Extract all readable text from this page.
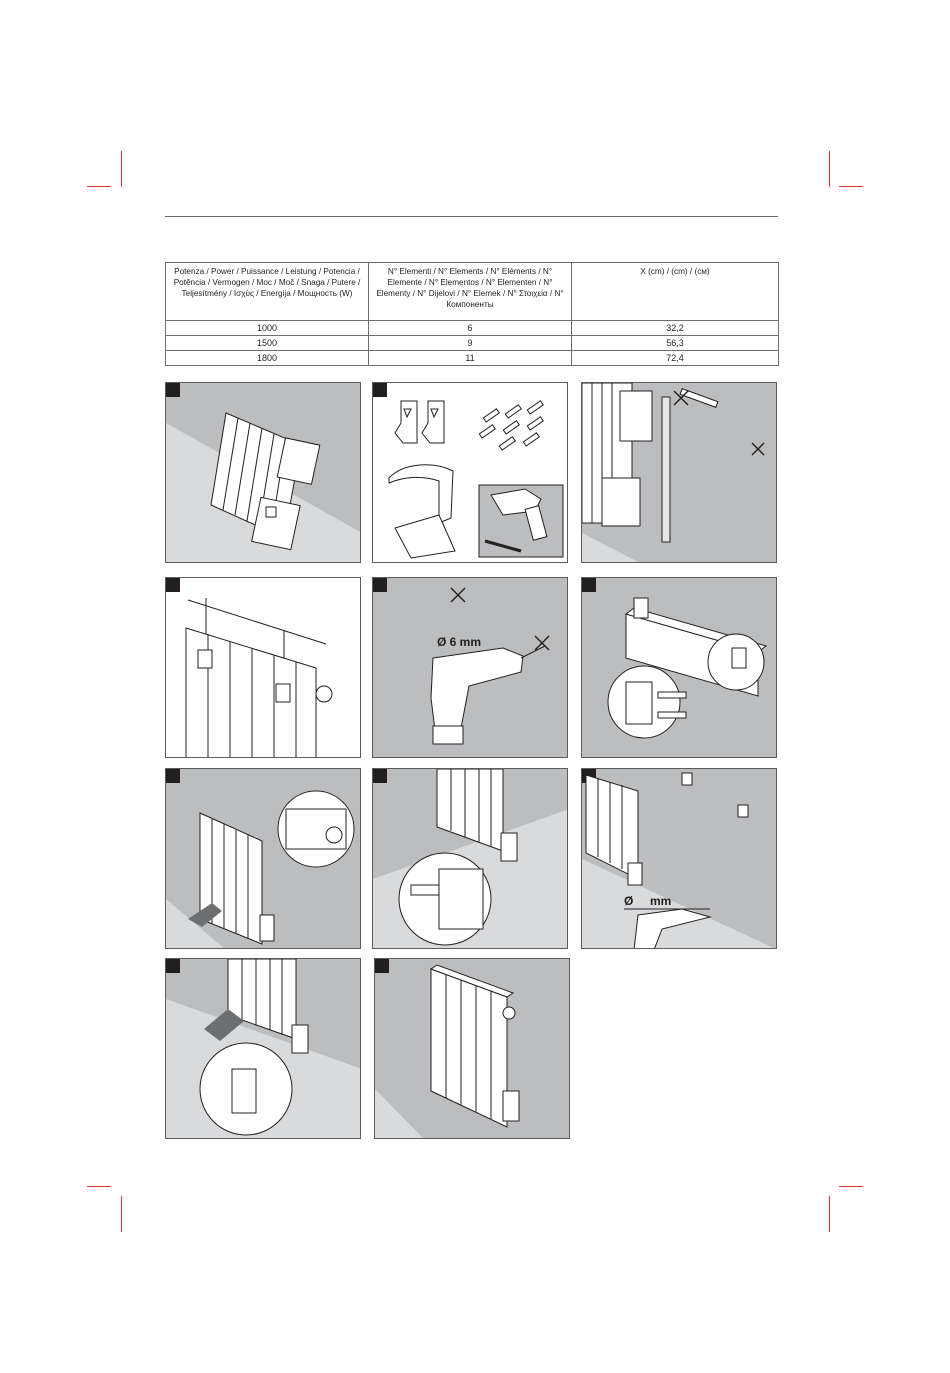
Potenza / Power / Puissance / Leistung / Potencia / Potência / Vermogen / Moc / Moč / Snaga / Putere / Teljesítmény / Ισχύς / Energija / Мощность (W)	N° Elementi / N° Elements / N° Eléments / N° Elemente / N° Elementos / N° Elementen / N° Elementy / N° Dijelovi / N° Elemek / N° Στοιχεία / N° Компоненты	X (cm) / (cm) / (см)
1000	6	32,2
1500	9	56,3
1800	11	72,4
Ø 6 mm
Ø mm
